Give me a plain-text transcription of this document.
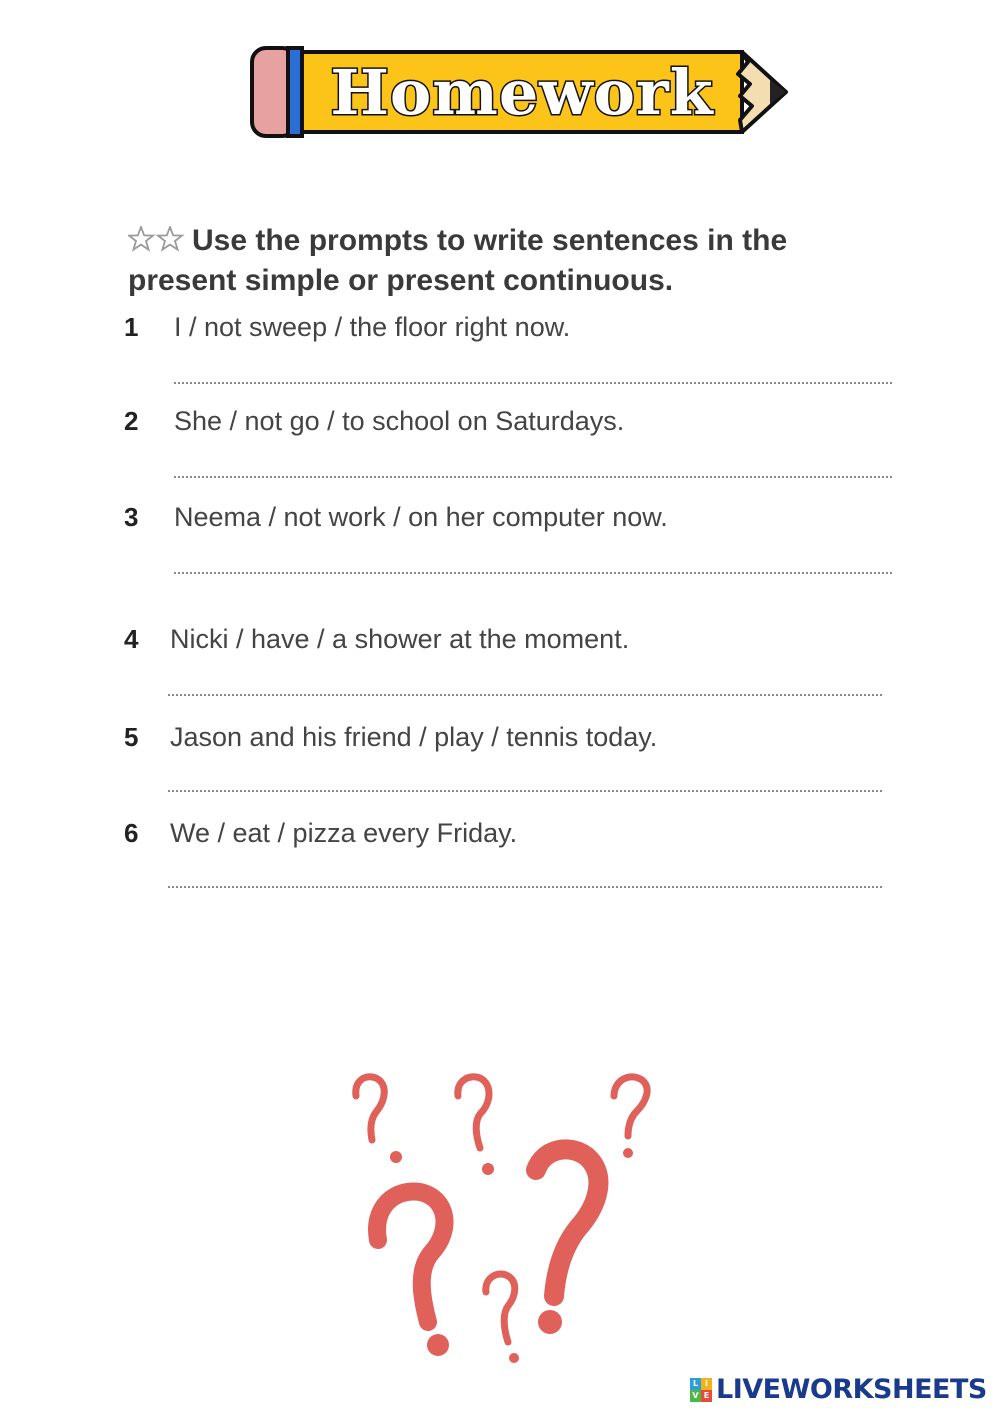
Homework
Use the prompts to write sentences in the present simple or present continuous.
1	I / not sweep / the floor right now.
2	She / not go / to school on Saturdays.
3	Neema / not work / on her computer now.
4	Nicki / have / a shower at the moment.
5	Jason and his friend / play / tennis today.
6	We / eat / pizza every Friday.
L i
V E LIVEWORKSHEETS
